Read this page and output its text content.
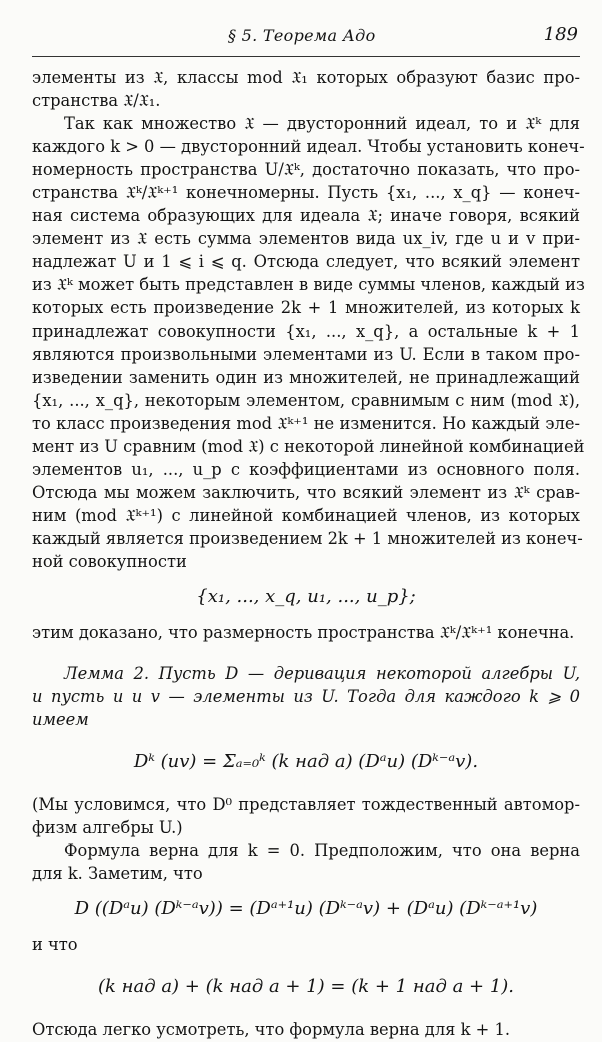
§ 5. Теорема Адо	189
элементы из 𝔛, классы mod 𝔛₁ которых образуют базис про-
странства 𝔛/𝔛₁.
Так как множество 𝔛 — двусторонний идеал, то и 𝔛ᵏ для
каждого k > 0 — двусторонний идеал. Чтобы установить конеч-
номерность пространства U/𝔛ᵏ, достаточно показать, что про-
странства 𝔛ᵏ/𝔛ᵏ⁺¹ конечномерны. Пусть {x₁, ..., x_q} — конеч-
ная система образующих для идеала 𝔛; иначе говоря, всякий
элемент из 𝔛 есть сумма элементов вида ux_iv, где u и v при-
надлежат U и 1 ⩽ i ⩽ q. Отсюда следует, что всякий элемент
из 𝔛ᵏ может быть представлен в виде суммы членов, каждый из
которых есть произведение 2k + 1 множителей, из которых k
принадлежат совокупности {x₁, ..., x_q}, а остальные k + 1
являются произвольными элементами из U. Если в таком про-
изведении заменить один из множителей, не принадлежащий
{x₁, ..., x_q}, некоторым элементом, сравнимым с ним (mod 𝔛),
то класс произведения mod 𝔛ᵏ⁺¹ не изменится. Но каждый эле-
мент из U сравним (mod 𝔛) с некоторой линейной комбинацией
элементов u₁, ..., u_p с коэффициентами из основного поля.
Отсюда мы можем заключить, что всякий элемент из 𝔛ᵏ срав-
ним (mod 𝔛ᵏ⁺¹) с линейной комбинацией членов, из которых
каждый является произведением 2k + 1 множителей из конеч-
ной совокупности
{x₁, ..., x_q, u₁, ..., u_p};
этим доказано, что размерность пространства 𝔛ᵏ/𝔛ᵏ⁺¹ конечна.
Лемма 2. Пусть D — деривация некоторой алгебры U,
и пусть u и v — элементы из U. Тогда для каждого k ⩾ 0
имеем
Dᵏ (uv) = Σₐ₌₀ᵏ (k над a) (Dᵃu) (Dᵏ⁻ᵃv).
(Мы условимся, что D⁰ представляет тождественный автомор-
физм алгебры U.)
Формула верна для k = 0. Предположим, что она верна
для k. Заметим, что
D ((Dᵃu) (Dᵏ⁻ᵃv)) = (Dᵃ⁺¹u) (Dᵏ⁻ᵃv) + (Dᵃu) (Dᵏ⁻ᵃ⁺¹v)
и что
(k над a) + (k над a + 1) = (k + 1 над a + 1).
Отсюда легко усмотреть, что формула верна для k + 1.
